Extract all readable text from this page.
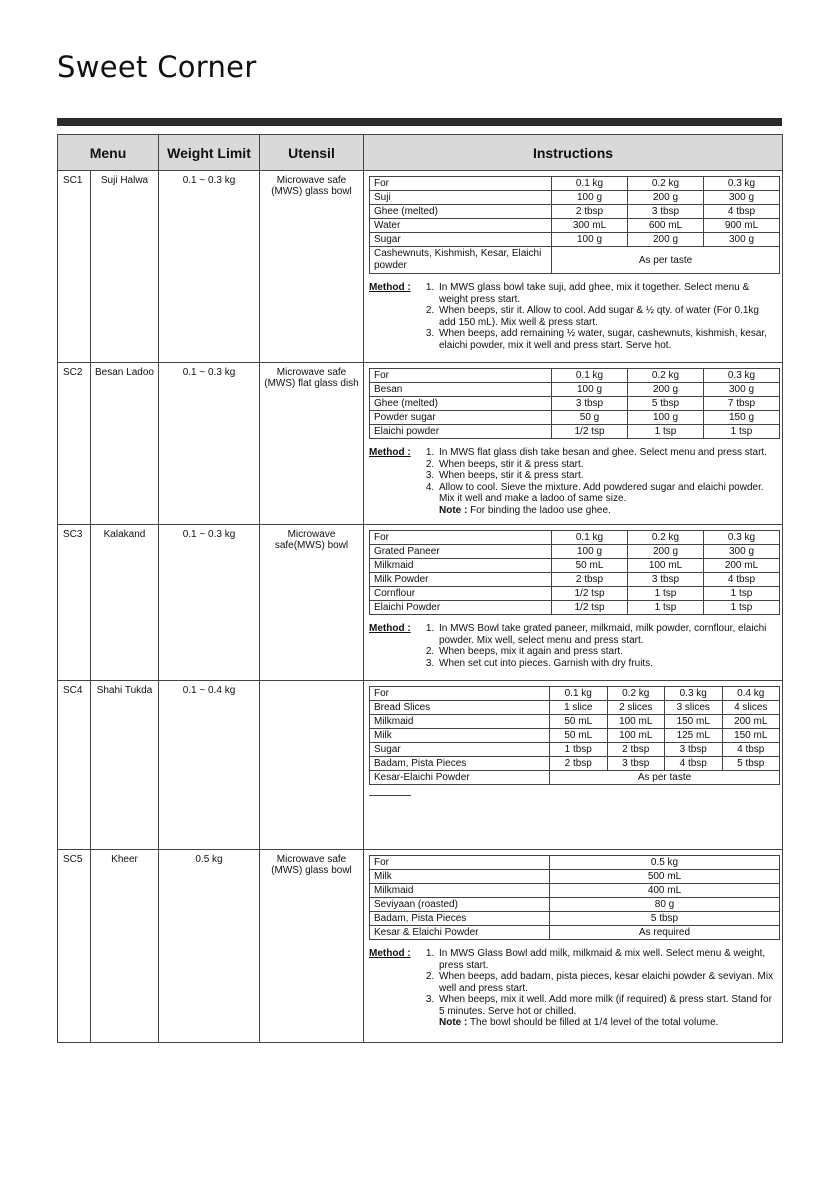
Sweet Corner
Menu	Weight Limit	Utensil	Instructions
SC1	Suji Halwa	0.1 ~ 0.3 kg	Microwave safe (MWS) glass bowl	
For	0.1 kg	0.2 kg	0.3 kg
Suji	100 g	200 g	300 g
Ghee (melted)	2 tbsp	3 tbsp	4 tbsp
Water	300 mL	600 mL	900 mL
Sugar	100 g	200 g	300 g
Cashewnuts, Kishmish, Kesar, Elaichi powder	As per taste
Method :	1. In MWS glass bowl take suji, add ghee, mix it together. Select menu & weight press start.
2. When beeps, stir it. Allow to cool. Add sugar & ½ qty. of water (For 0.1kg add 150 mL). Mix well & press start.
3. When beeps, add remaining ½ water, sugar, cashewnuts, kishmish, kesar, elaichi powder, mix it well and press start. Serve hot.

SC2	Besan Ladoo	0.1 ~ 0.3 kg	Microwave safe (MWS) flat glass dish	
For	0.1 kg	0.2 kg	0.3 kg
Besan	100 g	200 g	300 g
Ghee (melted)	3 tbsp	5 tbsp	7 tbsp
Powder sugar	50 g	100 g	150 g
Elaichi powder	1/2 tsp	1 tsp	1 tsp
Method :	1. In MWS flat glass dish take besan and ghee. Select menu and press start.
2. When beeps, stir it & press start.
3. When beeps, stir it & press start.
4. Allow to cool. Sieve the mixture. Add powdered sugar and elaichi powder. Mix it well and make a ladoo of same size.
Note : For binding the ladoo use ghee.

SC3	Kalakand	0.1 ~ 0.3 kg	Microwave safe(MWS) bowl	
For	0.1 kg	0.2 kg	0.3 kg
Grated Paneer	100 g	200 g	300 g
Milkmaid	50 mL	100 mL	200 mL
Milk Powder	2 tbsp	3 tbsp	4 tbsp
Cornflour	1/2 tsp	1 tsp	1 tsp
Elaichi Powder	1/2 tsp	1 tsp	1 tsp
Method :	1. In MWS Bowl take grated paneer, milkmaid, milk powder, cornflour, elaichi powder. Mix well, select menu and press start.
2. When beeps, mix it again and press start.
3. When set cut into pieces. Garnish with dry fruits.

SC4	Shahi Tukda	0.1 ~ 0.4 kg			For	0.1 kg	0.2 kg	0.3 kg	0.4 kg
Bread Slices	1 slice	2 slices	3 slices	4 slices
Milkmaid	50 mL	100 mL	150 mL	200 mL
Milk	50 mL	100 mL	125 mL	150 mL
Sugar	1 tbsp	2 tbsp	3 tbsp	4 tbsp
Badam, Pista Pieces	2 tbsp	3 tbsp	4 tbsp	5 tbsp
Kesar-Elaichi Powder	As per taste

SC5	Kheer	0.5 kg	Microwave safe (MWS) glass bowl	
For	0.5 kg
Milk	500 mL
Milkmaid	400 mL
Seviyaan (roasted)	80 g
Badam, Pista Pieces	5 tbsp
Kesar & Elaichi Powder	As required
Method :	1. In MWS Glass Bowl add milk, milkmaid & mix well. Select menu & weight, press start.
2. When beeps, add badam, pista pieces, kesar elaichi powder & seviyan. Mix well and press start.
3. When beeps, mix it well. Add more milk (if required) & press start. Stand for 5 minutes. Serve hot or chilled.
Note : The bowl should be filled at 1/4 level of the total volume.
